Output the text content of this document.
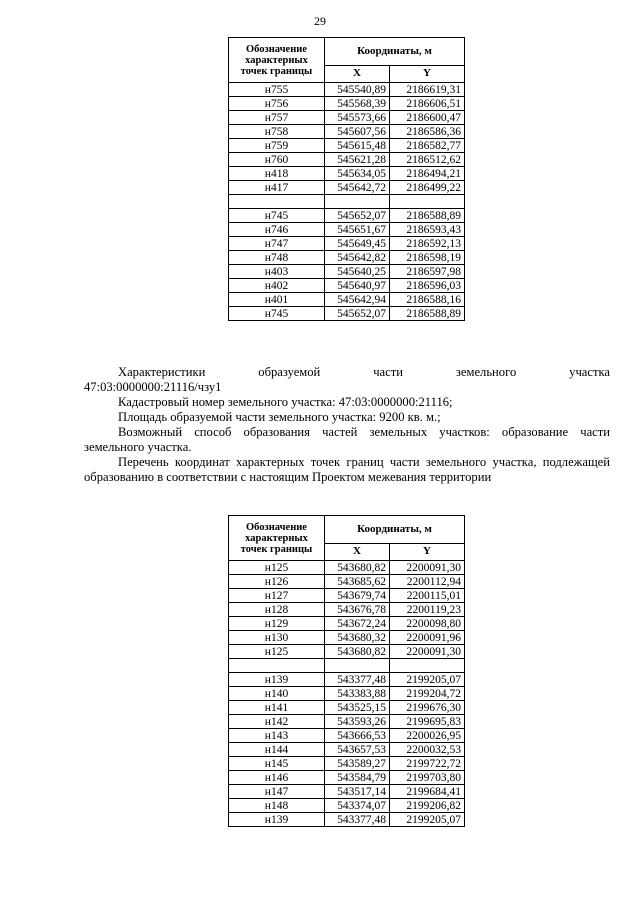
29
Обозначение характерных точек границы	Координаты, м	
	X	Y
н755	545540,89	2186619,31
н756	545568,39	2186606,51
н757	545573,66	2186600,47
н758	545607,56	2186586,36
н759	545615,48	2186582,77
н760	545621,28	2186512,62
н418	545634,05	2186494,21
н417	545642,72	2186499,22

н745	545652,07	2186588,89
н746	545651,67	2186593,43
н747	545649,45	2186592,13
н748	545642,82	2186598,19
н403	545640,25	2186597,98
н402	545640,97	2186596,03
н401	545642,94	2186588,16
н745	545652,07	2186588,89

Характеристики образуемой части земельного участка

47:03:0000000:21116/чзу1

Кадастровый номер земельного участка: 47:03:0000000:21116;

Площадь образуемой части земельного участка: 9200 кв. м.;

Возможный способ образования частей земельных участков: образование части земельного участка.

Перечень координат характерных точек границ части земельного участка, подлежащей образованию в соответствии с настоящим Проектом межевания территории

Обозначение характерных точек границы	Координаты, м	
	X	Y
н125	543680,82	2200091,30
н126	543685,62	2200112,94
н127	543679,74	2200115,01
н128	543676,78	2200119,23
н129	543672,24	2200098,80
н130	543680,32	2200091,96
н125	543680,82	2200091,30

н139	543377,48	2199205,07
н140	543383,88	2199204,72
н141	543525,15	2199676,30
н142	543593,26	2199695,83
н143	543666,53	2200026,95
н144	543657,53	2200032,53
н145	543589,27	2199722,72
н146	543584,79	2199703,80
н147	543517,14	2199684,41
н148	543374,07	2199206,82
н139	543377,48	2199205,07
